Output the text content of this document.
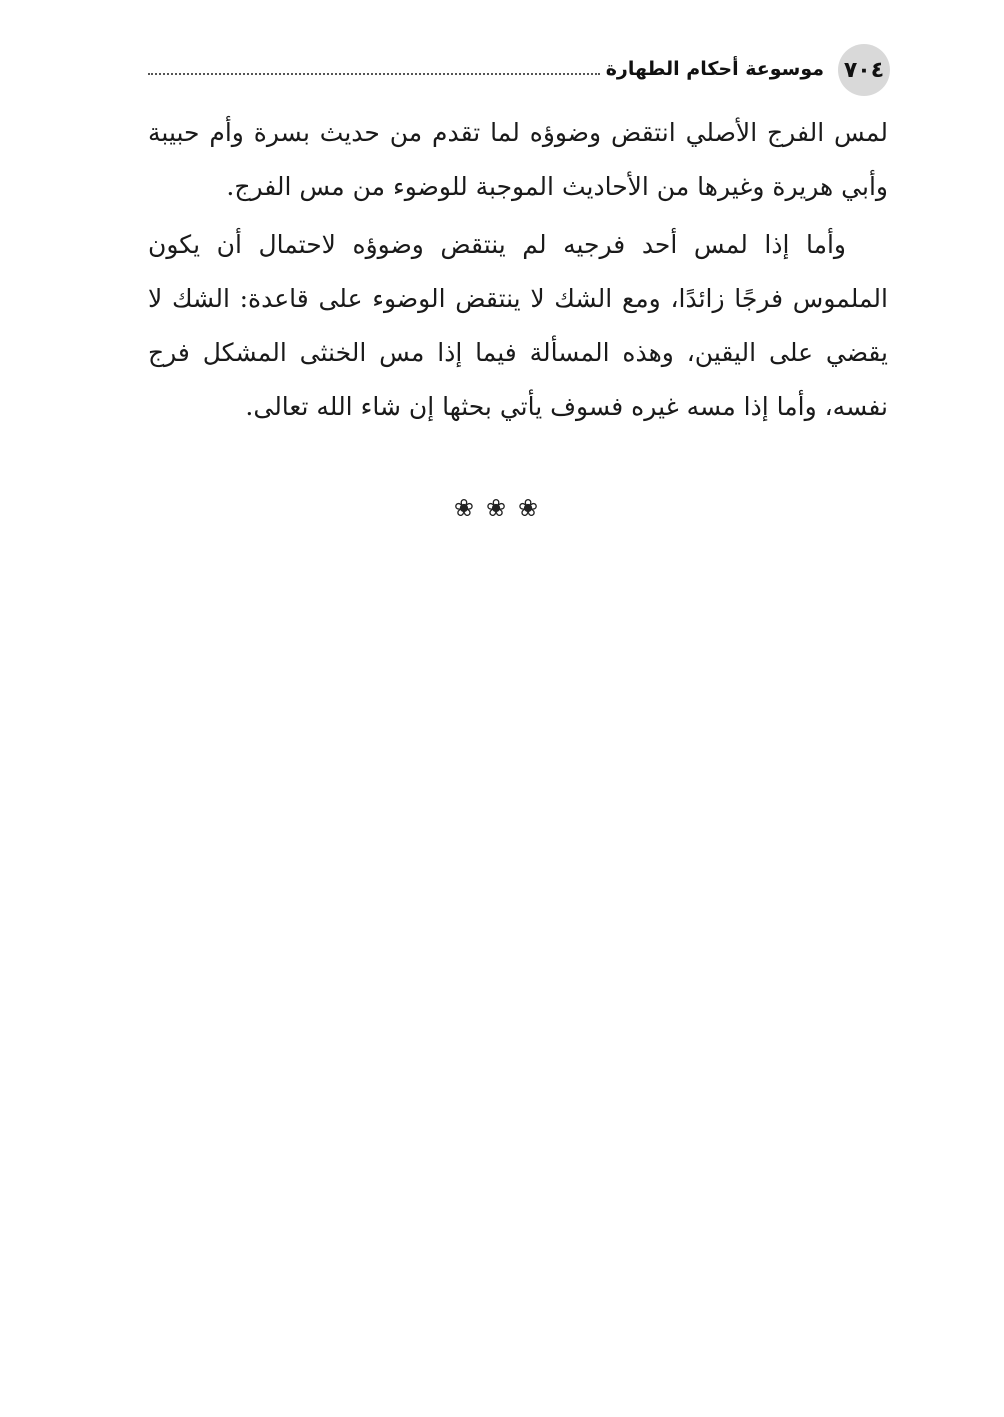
٧٠٤
موسوعة أحكام الطهارة

لمس الفرج الأصلي انتقض وضوؤه لما تقدم من حديث بسرة وأم حبيبة وأبي هريرة وغيرها من الأحاديث الموجبة للوضوء من مس الفرج.

وأما إذا لمس أحد فرجيه لم ينتقض وضوؤه لاحتمال أن يكون الملموس فرجًا زائدًا، ومع الشك لا ينتقض الوضوء على قاعدة: الشك لا يقضي على اليقين، وهذه المسألة فيما إذا مس الخنثى المشكل فرج نفسه، وأما إذا مسه غيره فسوف يأتي بحثها إن شاء الله تعالى.

❀❀❀
